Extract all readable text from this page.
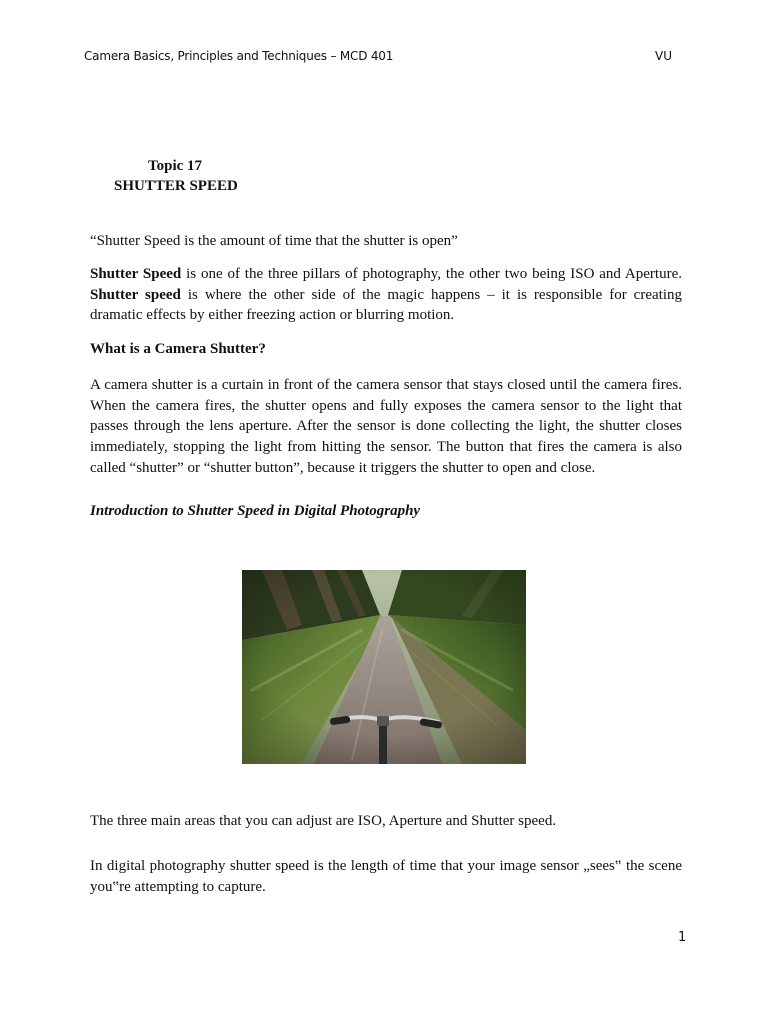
Camera Basics, Principles and Techniques – MCD 401	VU
Topic 17
SHUTTER SPEED
“Shutter Speed is the amount of time that the shutter is open”
Shutter Speed is one of the three pillars of photography, the other two being ISO and Aperture. Shutter speed is where the other side of the magic happens – it is responsible for creating dramatic effects by either freezing action or blurring motion.
What is a Camera Shutter?
A camera shutter is a curtain in front of the camera sensor that stays closed until the camera fires. When the camera fires, the shutter opens and fully exposes the camera sensor to the light that passes through the lens aperture. After the sensor is done collecting the light, the shutter closes immediately, stopping the light from hitting the sensor. The button that fires the camera is also called “shutter” or “shutter button”, because it triggers the shutter to open and close.
Introduction to Shutter Speed in Digital Photography
The three main areas that you can adjust are ISO, Aperture and Shutter speed.
In digital photography shutter speed is the length of time that your image sensor „sees‟ the scene you‟re attempting to capture.
1
